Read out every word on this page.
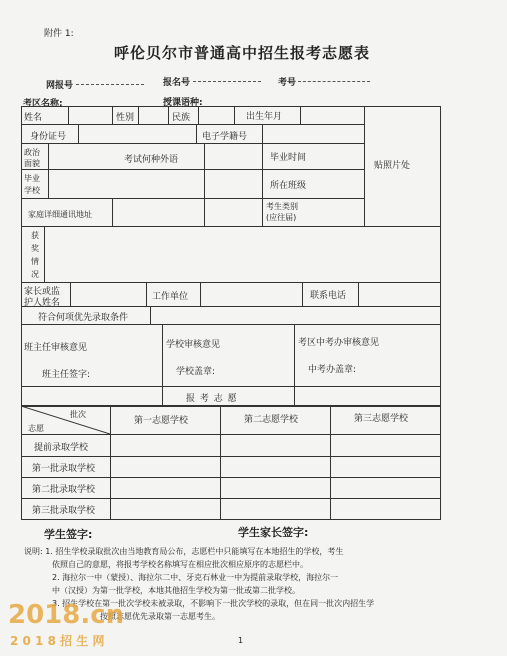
附件 1:
呼伦贝尔市普通高中招生报考志愿表
网报号	报名号	考号
考区名称:	授课语种:
姓名	性别	民族	出生年月
身份证号	电子学籍号
政治
面貌	考试何种外语	毕业时间
贴照片处
毕业
学校	所在班级
家庭详细通讯地址
考生类别
(应往届)
获
奖
情
况
家长或监
护人姓名
工作单位	联系电话
符合何项优先录取条件
班主任审核意见	学校审核意见	考区中考办审核意见
班主任签字:	学校盖章:	中考办盖章:
批次
志愿
报 考 志 愿
第一志愿学校	第二志愿学校	第三志愿学校
提前录取学校
第一批录取学校
第二批录取学校
第三批录取学校
学生签字:	学生家长签字:
说明: 1. 招生学校录取批次由当地教育局公布，志愿栏中只能填写在本地招生的学校，考生
依照自己的意愿，将报考学校名称填写在相应批次相应原序的志愿栏中。
2. 海拉尔一中（蒙授）、海拉尔二中、牙克石林业一中为提前录取学校，海拉尔一
中（汉授）为第一批学校，本地其他招生学校为第一批或第二批学校。
3. 招生学校在第一批次学校未被录取，不影响下一批次学校的录取，但在同一批次内招生学
按照志愿优先录取第一志愿考生。
1
2018.cn
2 0 1 8 招 生 网
